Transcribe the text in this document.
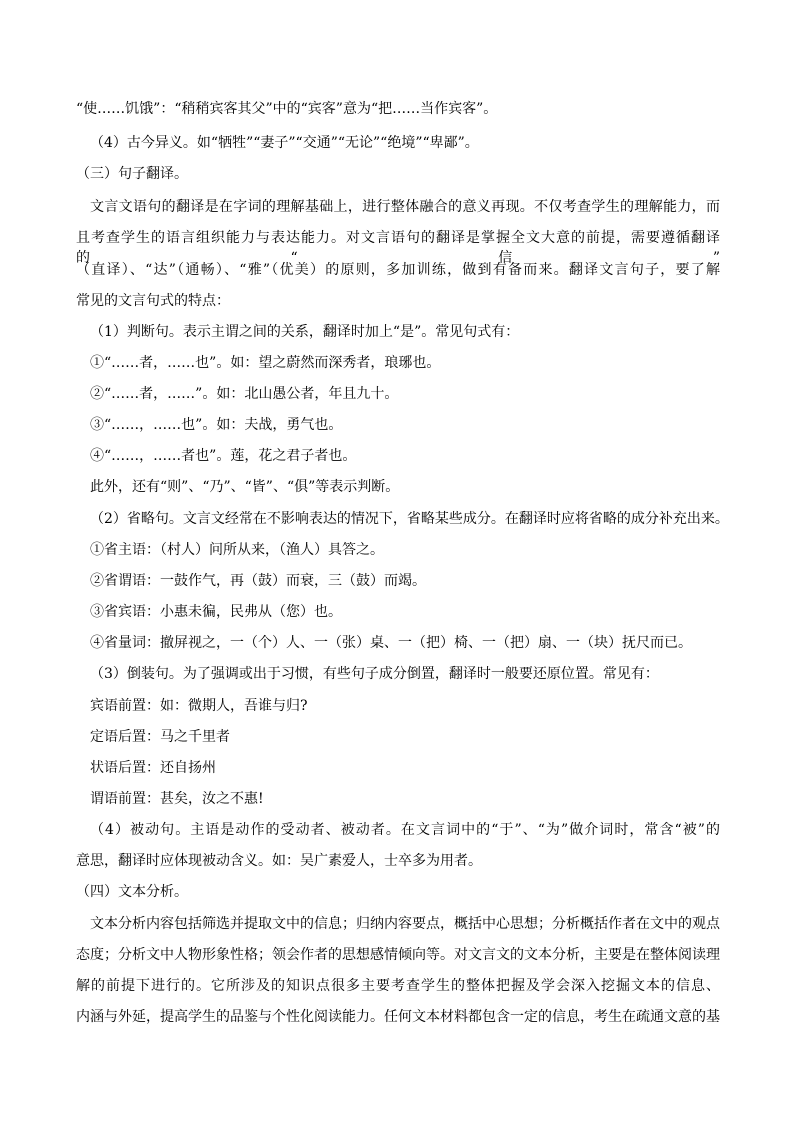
“使……饥饿”：“稍稍宾客其父”中的“宾客”意为“把……当作宾客”。

（4）古今异义。如“牺牲”“妻子”“交通”“无论”“绝境”“卑鄙”。

（三）句子翻译。

文言文语句的翻译是在字词的理解基础上，进行整体融合的意义再现。不仅考查学生的理解能力，而

且考查学生的语言组织能力与表达能力。对文言语句的翻译是掌握全文大意的前提，需要遵循翻译的“信”

（直译）、“达”（通畅）、“雅”（优美）的原则，多加训练，做到有备而来。翻译文言句子，要了解

常见的文言句式的特点：

（1）判断句。表示主谓之间的关系，翻译时加上“是”。常见句式有：

①“……者，……也”。如：望之蔚然而深秀者，琅琊也。

②“……者，……”。如：北山愚公者，年且九十。

③“……，……也”。如：夫战，勇气也。

④“……，……者也”。莲，花之君子者也。

此外，还有“则”、“乃”、“皆”、“俱”等表示判断。

（2）省略句。文言文经常在不影响表达的情况下，省略某些成分。在翻译时应将省略的成分补充出来。

①省主语：（村人）问所从来，（渔人）具答之。

②省谓语：一鼓作气，再（鼓）而衰，三（鼓）而竭。

③省宾语：小惠未徧，民弗从（您）也。

④省量词：撤屏视之，一（个）人、一（张）桌、一（把）椅、一（把）扇、一（块）抚尺而已。

（3）倒装句。为了强调或出于习惯，有些句子成分倒置，翻译时一般要还原位置。常见有：

宾语前置：如：微期人，吾谁与归?

定语后置：马之千里者

状语后置：还自扬州

谓语前置：甚矣，汝之不惠!

（4）被动句。主语是动作的受动者、被动者。在文言词中的“于”、“为”做介词时，常含“被”的

意思，翻译时应体现被动含义。如：吴广素爱人，士卒多为用者。

（四）文本分析。

文本分析内容包括筛选并提取文中的信息；归纳内容要点，概括中心思想；分析概括作者在文中的观点

态度；分析文中人物形象性格；领会作者的思想感情倾向等。对文言文的文本分析，主要是在整体阅读理

解的前提下进行的。它所涉及的知识点很多主要考查学生的整体把握及学会深入挖掘文本的信息、

内涵与外延，提高学生的品鉴与个性化阅读能力。任何文本材料都包含一定的信息，考生在疏通文意的基
